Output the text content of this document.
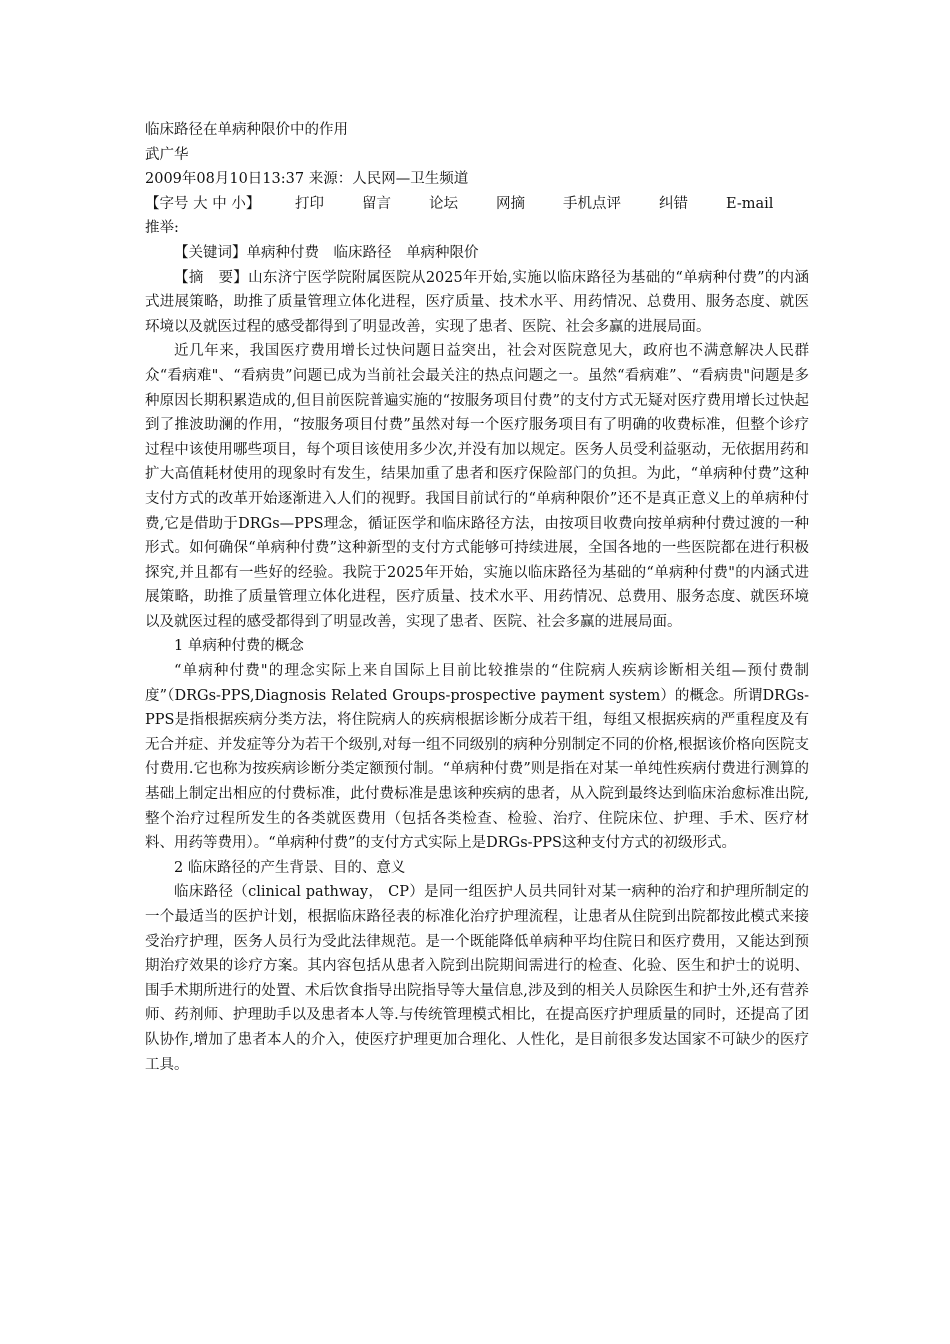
临床路径在单病种限价中的作用

武广华

2009年08月10日13:37 来源：人民网—卫生频道

【字号 大 中 小】	打印	留言	论坛	网摘	手机点评	纠错	E-mail

推举:

【关键词】单病种付费　临床路径　单病种限价

【摘　要】山东济宁医学院附属医院从2025年开始,实施以临床路径为基础的“单病种付费”的内涵式进展策略，助推了质量管理立体化进程，医疗质量、技术水平、用药情况、总费用、服务态度、就医环境以及就医过程的感受都得到了明显改善，实现了患者、医院、社会多赢的进展局面。

近几年来，我国医疗费用增长过快问题日益突出，社会对医院意见大，政府也不满意解决人民群众“看病难"、“看病贵”问题已成为当前社会最关注的热点问题之一。虽然“看病难”、“看病贵"问题是多种原因长期积累造成的,但目前医院普遍实施的“按服务项目付费”的支付方式无疑对医疗费用增长过快起到了推波助澜的作用，“按服务项目付费”虽然对每一个医疗服务项目有了明确的收费标准，但整个诊疗过程中该使用哪些项目，每个项目该使用多少次,并没有加以规定。医务人员受利益驱动，无依据用药和扩大高值耗材使用的现象时有发生，结果加重了患者和医疗保险部门的负担。为此，“单病种付费”这种支付方式的改革开始逐渐进入人们的视野。我国目前试行的“单病种限价”还不是真正意义上的单病种付费,它是借助于DRGs—PPS理念，循证医学和临床路径方法，由按项目收费向按单病种付费过渡的一种形式。如何确保“单病种付费”这种新型的支付方式能够可持续进展，全国各地的一些医院都在进行积极探究,并且都有一些好的经验。我院于2025年开始，实施以临床路径为基础的“单病种付费"的内涵式进展策略，助推了质量管理立体化进程，医疗质量、技术水平、用药情况、总费用、服务态度、就医环境以及就医过程的感受都得到了明显改善，实现了患者、医院、社会多赢的进展局面。

1 单病种付费的概念

“单病种付费"的理念实际上来自国际上目前比较推崇的“住院病人疾病诊断相关组—预付费制度”（DRGs-PPS,Diagnosis Related Groups-prospective payment system）的概念。所谓DRGs-PPS是指根据疾病分类方法，将住院病人的疾病根据诊断分成若干组，每组又根据疾病的严重程度及有无合并症、并发症等分为若干个级别,对每一组不同级别的病种分别制定不同的价格,根据该价格向医院支付费用.它也称为按疾病诊断分类定额预付制。“单病种付费”则是指在对某一单纯性疾病付费进行测算的基础上制定出相应的付费标准，此付费标准是患该种疾病的患者，从入院到最终达到临床治愈标准出院,整个治疗过程所发生的各类就医费用（包括各类检查、检验、治疗、住院床位、护理、手术、医疗材料、用药等费用）。“单病种付费”的支付方式实际上是DRGs-PPS这种支付方式的初级形式。

2 临床路径的产生背景、目的、意义

临床路径（clinical pathway， CP）是同一组医护人员共同针对某一病种的治疗和护理所制定的一个最适当的医护计划，根据临床路径表的标准化治疗护理流程，让患者从住院到出院都按此模式来接受治疗护理，医务人员行为受此法律规范。是一个既能降低单病种平均住院日和医疗费用，又能达到预期治疗效果的诊疗方案。其内容包括从患者入院到出院期间需进行的检查、化验、医生和护士的说明、围手术期所进行的处置、术后饮食指导出院指导等大量信息,涉及到的相关人员除医生和护士外,还有营养师、药剂师、护理助手以及患者本人等.与传统管理模式相比，在提高医疗护理质量的同时，还提高了团队协作,增加了患者本人的介入，使医疗护理更加合理化、人性化，是目前很多发达国家不可缺少的医疗工具。
